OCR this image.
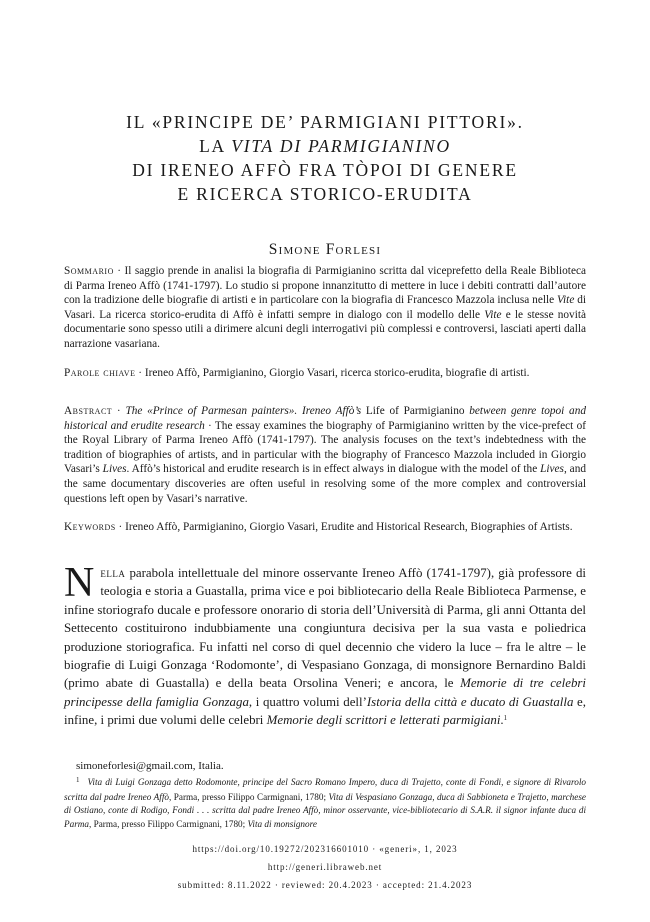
IL «PRINCIPE DE’ PARMIGIANI PITTORI».
LA VITA DI PARMIGIANINO
DI IRENEO AFFÒ FRA TÒPOI DI GENERE
E RICERCA STORICO-ERUDITA
Simone Forlesi
Sommario · Il saggio prende in analisi la biografia di Parmigianino scritta dal viceprefetto della Reale Biblioteca di Parma Ireneo Affò (1741-1797). Lo studio si propone innanzitutto di mettere in luce i debiti contratti dall’autore con la tradizione delle biografie di artisti e in particolare con la biografia di Francesco Mazzola inclusa nelle Vite di Vasari. La ricerca storico-erudita di Affò è infatti sempre in dialogo con il modello delle Vite e le stesse novità documentarie sono spesso utili a dirimere alcuni degli interrogativi più complessi e controversi, lasciati aperti dalla narrazione vasariana.
Parole chiave · Ireneo Affò, Parmigianino, Giorgio Vasari, ricerca storico-erudita, biografie di artisti.
Abstract · The «Prince of Parmesan painters». Ireneo Affò’s Life of Parmigianino between genre topoi and historical and erudite research · The essay examines the biography of Parmigianino written by the vice-prefect of the Royal Library of Parma Ireneo Affò (1741-1797). The analysis focuses on the text’s indebtedness with the tradition of biographies of artists, and in particular with the biography of Francesco Mazzola included in Giorgio Vasari’s Lives. Affò’s historical and erudite research is in effect always in dialogue with the model of the Lives, and the same documentary discoveries are often useful in resolving some of the more complex and controversial questions left open by Vasari’s narrative.
Keywords · Ireneo Affò, Parmigianino, Giorgio Vasari, Erudite and Historical Research, Biographies of Artists.
Nella parabola intellettuale del minore osservante Ireneo Affò (1741-1797), già professore di teologia e storia a Guastalla, prima vice e poi bibliotecario della Reale Biblioteca Parmense, e infine storiografo ducale e professore onorario di storia dell’Università di Parma, gli anni Ottanta del Settecento costituirono indubbiamente una congiuntura decisiva per la sua vasta e poliedrica produzione storiografica. Fu infatti nel corso di quel decennio che videro la luce – fra le altre – le biografie di Luigi Gonzaga ‘Rodomonte’, di Vespasiano Gonzaga, di monsignore Bernardino Baldi (primo abate di Guastalla) e della beata Orsolina Veneri; e ancora, le Memorie di tre celebri principesse della famiglia Gonzaga, i quattro volumi dell’Istoria della città e ducato di Guastalla e, infine, i primi due volumi delle celebri Memorie degli scrittori e letterati parmigiani.$^1$
simoneforlesi@gmail.com, Italia.
$^1$ Vita di Luigi Gonzaga detto Rodomonte, principe del Sacro Romano Impero, duca di Trajetto, conte di Fondi, e signore di Rivarolo scritta dal padre Ireneo Affò, Parma, presso Filippo Carmignani, 1780; Vita di Vespasiano Gonzaga, duca di Sabbioneta e Trajetto, marchese di Ostiano, conte di Rodigo, Fondi . . . scritta dal padre Ireneo Affò, minor osservante, vice-bibliotecario di S.A.R. il signor infante duca di Parma, Parma, presso Filippo Carmignani, 1780; Vita di monsignore
https://doi.org/10.19272/202316601010 · «generi», 1, 2023
http://generi.libraweb.net
submitted: 8.11.2022 · reviewed: 20.4.2023 · accepted: 21.4.2023
